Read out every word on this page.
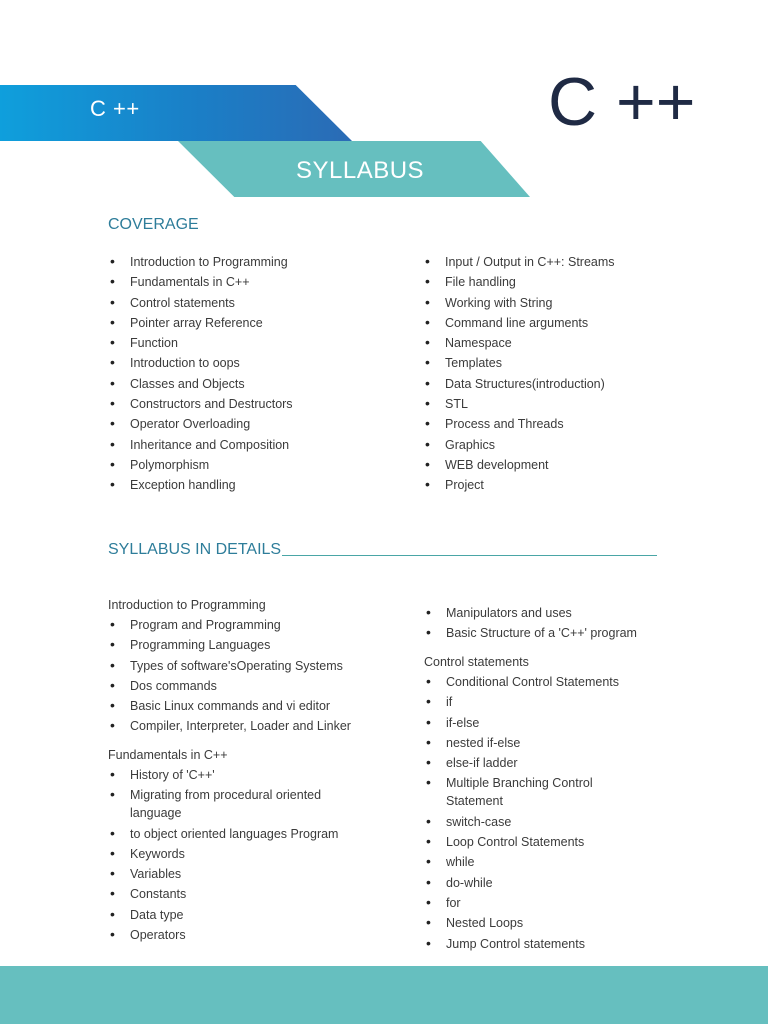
C ++
SYLLABUS
C ++
COVERAGE
• Introduction to Programming
• Fundamentals in C++
• Control statements
• Pointer array Reference
• Function
• Introduction to oops
• Classes and Objects
• Constructors and Destructors
• Operator Overloading
• Inheritance and Composition
• Polymorphism
• Exception handling
• Input / Output in C++: Streams
• File handling
• Working with String
• Command line arguments
• Namespace
• Templates
• Data Structures(introduction)
• STL
• Process and Threads
• Graphics
• WEB development
• Project
SYLLABUS IN DETAILS
Introduction to Programming
• Program and Programming
• Programming Languages
• Types of software'sOperating Systems
• Dos commands
• Basic Linux commands and vi editor
• Compiler, Interpreter, Loader and Linker
Fundamentals in C++
• History of 'C++'
• Migrating from procedural oriented language
• to object oriented languages Program
• Keywords
• Variables
• Constants
• Data type
• Operators
• Manipulators and uses
• Basic Structure of a 'C++' program
Control statements
• Conditional Control Statements
• if
• if-else
• nested if-else
• else-if ladder
• Multiple Branching Control Statement
• switch-case
• Loop Control Statements
• while
• do-while
• for
• Nested Loops
• Jump Control statements
